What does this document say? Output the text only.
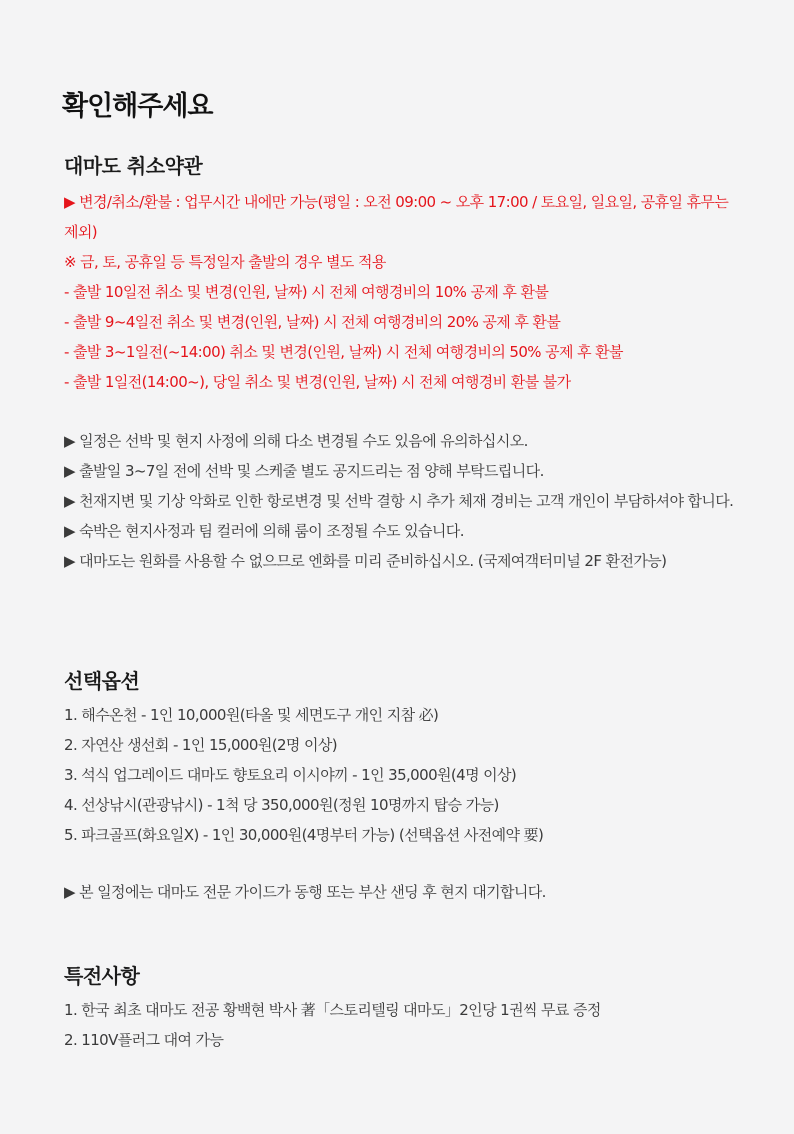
확인해주세요
대마도 취소약관
▶ 변경/취소/환불 : 업무시간 내에만 가능(평일 : 오전 09:00 ~ 오후 17:00 / 토요일, 일요일, 공휴일 휴무는 제외)
※ 금, 토, 공휴일 등 특정일자 출발의 경우 별도 적용
- 출발 10일전 취소 및 변경(인원, 날짜) 시 전체 여행경비의 10% 공제 후 환불
- 출발 9~4일전 취소 및 변경(인원, 날짜) 시 전체 여행경비의 20% 공제 후 환불
- 출발 3~1일전(~14:00) 취소 및 변경(인원, 날짜) 시 전체 여행경비의 50% 공제 후 환불
- 출발 1일전(14:00~), 당일 취소 및 변경(인원, 날짜) 시 전체 여행경비 환불 불가
▶ 일정은 선박 및 현지 사정에 의해 다소 변경될 수도 있음에 유의하십시오.
▶ 출발일 3~7일 전에 선박 및 스케줄 별도 공지드리는 점 양해 부탁드립니다.
▶ 천재지변 및 기상 악화로 인한 항로변경 및 선박 결항 시 추가 체재 경비는 고객 개인이 부담하셔야 합니다.
▶ 숙박은 현지사정과 팀 컬러에 의해 룸이 조정될 수도 있습니다.
▶ 대마도는 원화를 사용할 수 없으므로 엔화를 미리 준비하십시오. (국제여객터미널 2F 환전가능)
선택옵션
1. 해수온천 - 1인 10,000원(타올 및 세면도구 개인 지참 必)
2. 자연산 생선회 - 1인 15,000원(2명 이상)
3. 석식 업그레이드 대마도 향토요리 이시야끼 - 1인 35,000원(4명 이상)
4. 선상낚시(관광낚시) - 1척 당 350,000원(정원 10명까지 탑승 가능)
5. 파크골프(화요일X) - 1인 30,000원(4명부터 가능) (선택옵션 사전예약 要)
▶ 본 일정에는 대마도 전문 가이드가 동행 또는 부산 샌딩 후 현지 대기합니다.
특전사항
1. 한국 최초 대마도 전공 황백현 박사 著「스토리텔링 대마도」2인당 1권씩 무료 증정
2. 110V플러그 대여 가능
